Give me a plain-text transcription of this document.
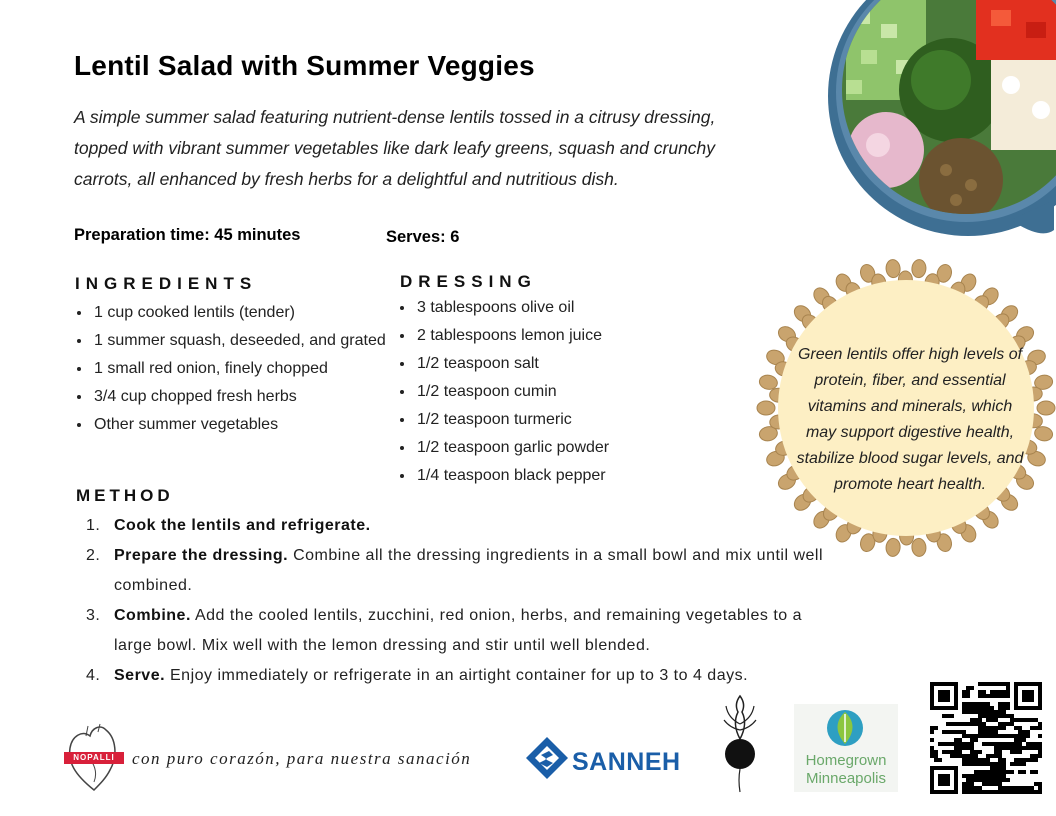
Lentil Salad with Summer Veggies
A simple summer salad featuring nutrient-dense lentils tossed in a citrusy dressing, topped with vibrant summer vegetables like dark leafy greens, squash and crunchy carrots, all enhanced by fresh herbs for a delightful and nutritious dish.
Preparation time: 45 minutes	Serves: 6
INGREDIENTS
• 1 cup cooked lentils (tender)
• 1 summer squash, deseeded, and grated
• 1 small red onion, finely chopped
• 3/4 cup chopped fresh herbs
• Other summer vegetables
DRESSING
• 3 tablespoons olive oil
• 2 tablespoons lemon juice
• 1/2 teaspoon salt
• 1/2 teaspoon cumin
• 1/2 teaspoon turmeric
• 1/2 teaspoon garlic powder
• 1/4 teaspoon black pepper
METHOD
1. Cook the lentils and refrigerate.
2. Prepare the dressing. Combine all the dressing ingredients in a small bowl and mix until well combined.
3. Combine. Add the cooled lentils, zucchini, red onion, herbs, and remaining vegetables to a large bowl. Mix well with the lemon dressing and stir until well blended.
4. Serve. Enjoy immediately or refrigerate in an airtight container for up to 3 to 4 days.
Green lentils offer high levels of protein, fiber, and essential vitamins and minerals, which may support digestive health, stabilize blood sugar levels, and promote heart health.
NOPALLI	con puro corazón, para nuestra sanación	SANNEH	Homegrown
Minneapolis
